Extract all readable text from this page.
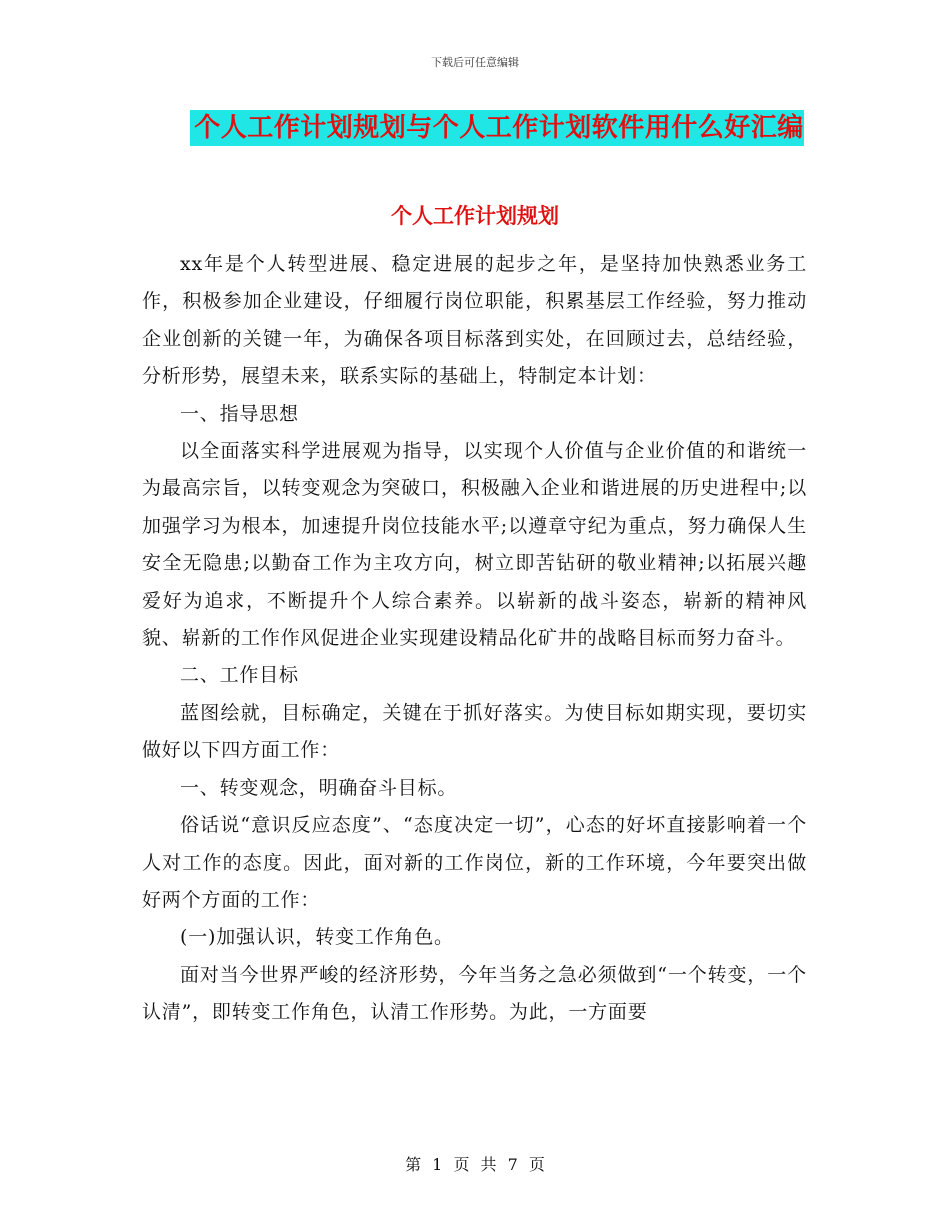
下载后可任意编辑
个人工作计划规划与个人工作计划软件用什么好汇编
个人工作计划规划

xx年是个人转型进展、稳定进展的起步之年，是坚持加快熟悉业务工作，积极参加企业建设，仔细履行岗位职能，积累基层工作经验，努力推动企业创新的关键一年，为确保各项目标落到实处，在回顾过去，总结经验，分析形势，展望未来，联系实际的基础上，特制定本计划：

一、指导思想

以全面落实科学进展观为指导，以实现个人价值与企业价值的和谐统一为最高宗旨，以转变观念为突破口，积极融入企业和谐进展的历史进程中;以加强学习为根本，加速提升岗位技能水平;以遵章守纪为重点，努力确保人生安全无隐患;以勤奋工作为主攻方向，树立即苦钻研的敬业精神;以拓展兴趣爱好为追求，不断提升个人综合素养。以崭新的战斗姿态，崭新的精神风貌、崭新的工作作风促进企业实现建设精品化矿井的战略目标而努力奋斗。

二、工作目标

蓝图绘就，目标确定，关键在于抓好落实。为使目标如期实现，要切实做好以下四方面工作：

一、转变观念，明确奋斗目标。

俗话说“意识反应态度”、“态度决定一切”，心态的好坏直接影响着一个人对工作的态度。因此，面对新的工作岗位，新的工作环境，今年要突出做好两个方面的工作：

(一)加强认识，转变工作角色。

面对当今世界严峻的经济形势，今年当务之急必须做到“一个转变，一个认清”，即转变工作角色，认清工作形势。为此，一方面要

第 1 页 共 7 页
